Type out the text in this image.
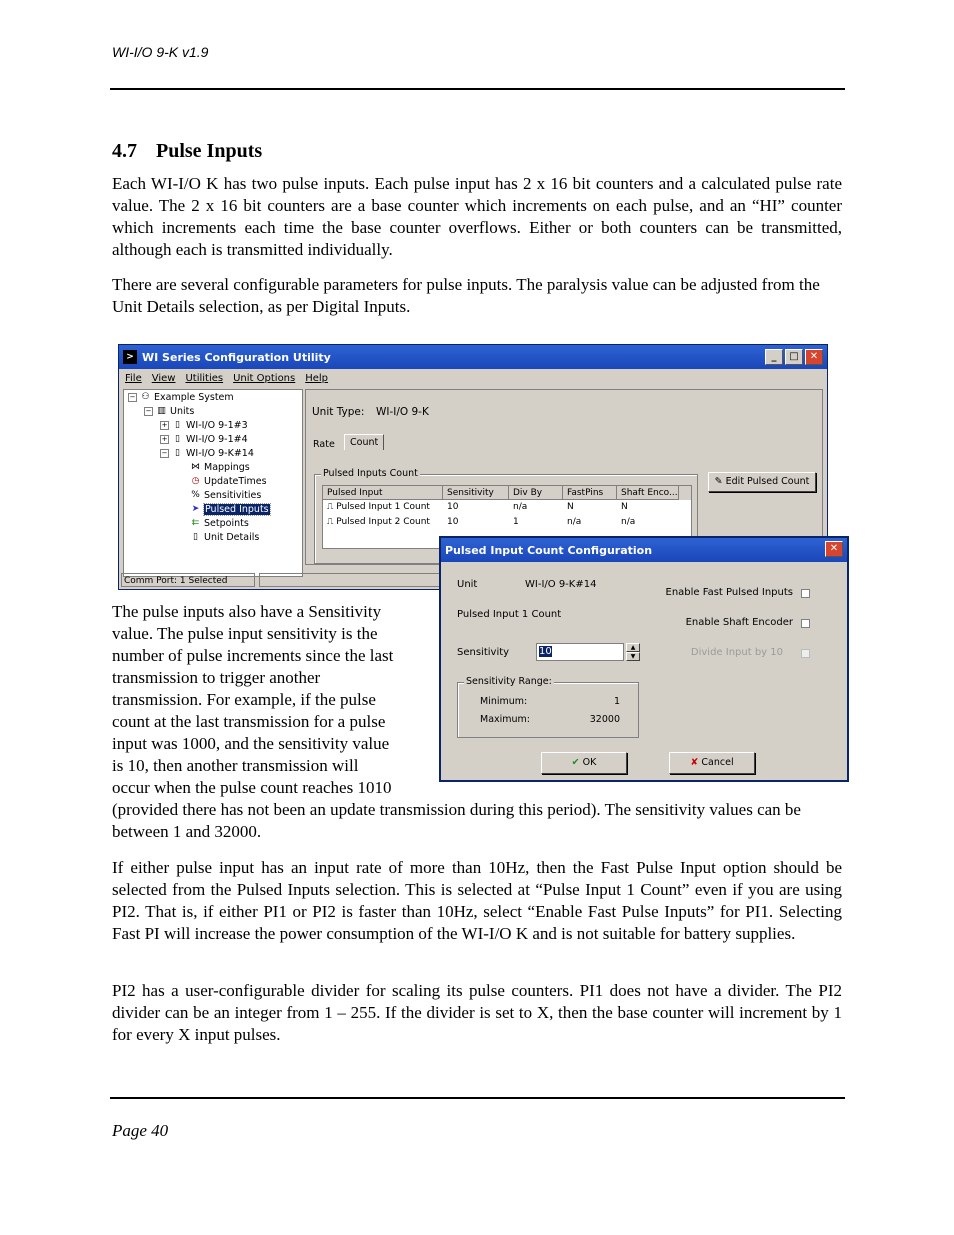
WI-I/O 9-K v1.9
4.7 Pulse Inputs
Each WI-I/O K has two pulse inputs. Each pulse input has 2 x 16 bit counters and a calculated pulse rate value. The 2 x 16 bit counters are a base counter which increments on each pulse, and an “HI” counter which increments each time the base counter overflows. Either or both counters can be transmitted, although each is transmitted individually.
There are several configurable parameters for pulse inputs. The paralysis value can be adjusted from the Unit Details selection, as per Digital Inputs.
> WI Series Configuration Utility	_	□	✕
File View Utilities Unit Options Help
− ⚇ Example System
− ▥ Units
+ ▯ WI-I/O 9-1#3
+ ▯ WI-I/O 9-1#4
− ▯ WI-I/O 9-K#14
⋈ Mappings
◷ UpdateTimes
% Sensitivities
➤ Pulsed Inputs
⇇ Setpoints
▯ Unit Details
Unit Type: WI-I/O 9-K
Rate	Count
Pulsed Inputs Count
Pulsed Input	Sensitivity	Div By	FastPins	Shaft Enco...
⎍ Pulsed Input 1 Count	10	n/a	N	N
⎍ Pulsed Input 2 Count	10	1	n/a	n/a
✎ Edit Pulsed Count
Comm Port: 1 Selected
The pulse inputs also have a Sensitivity
value. The pulse input sensitivity is the
number of pulse increments since the last
transmission to trigger another
transmission. For example, if the pulse
count at the last transmission for a pulse
input was 1000, and the sensitivity value
is 10, then another transmission will
occur when the pulse count reaches 1010
(provided there has not been an update transmission during this period). The sensitivity values can be between 1 and 32000.
Pulsed Input Count Configuration	✕
Unit	WI-I/O 9-K#14
Pulsed Input 1 Count
Sensitivity	10	▲
▼
Sensitivity Range:
Minimum:	1
Maximum:	32000
Enable Fast Pulsed Inputs
Enable Shaft Encoder
Divide Input by 10
✔ OK	✘ Cancel
If either pulse input has an input rate of more than 10Hz, then the Fast Pulse Input option should be selected from the Pulsed Inputs selection. This is selected at “Pulse Input 1 Count” even if you are using PI2. That is, if either PI1 or PI2 is faster than 10Hz, select “Enable Fast Pulse Inputs” for PI1. Selecting Fast PI will increase the power consumption of the WI-I/O K and is not suitable for battery supplies.
PI2 has a user-configurable divider for scaling its pulse counters. PI1 does not have a divider. The PI2 divider can be an integer from 1 – 255. If the divider is set to X, then the base counter will increment by 1 for every X input pulses.
Page 40
